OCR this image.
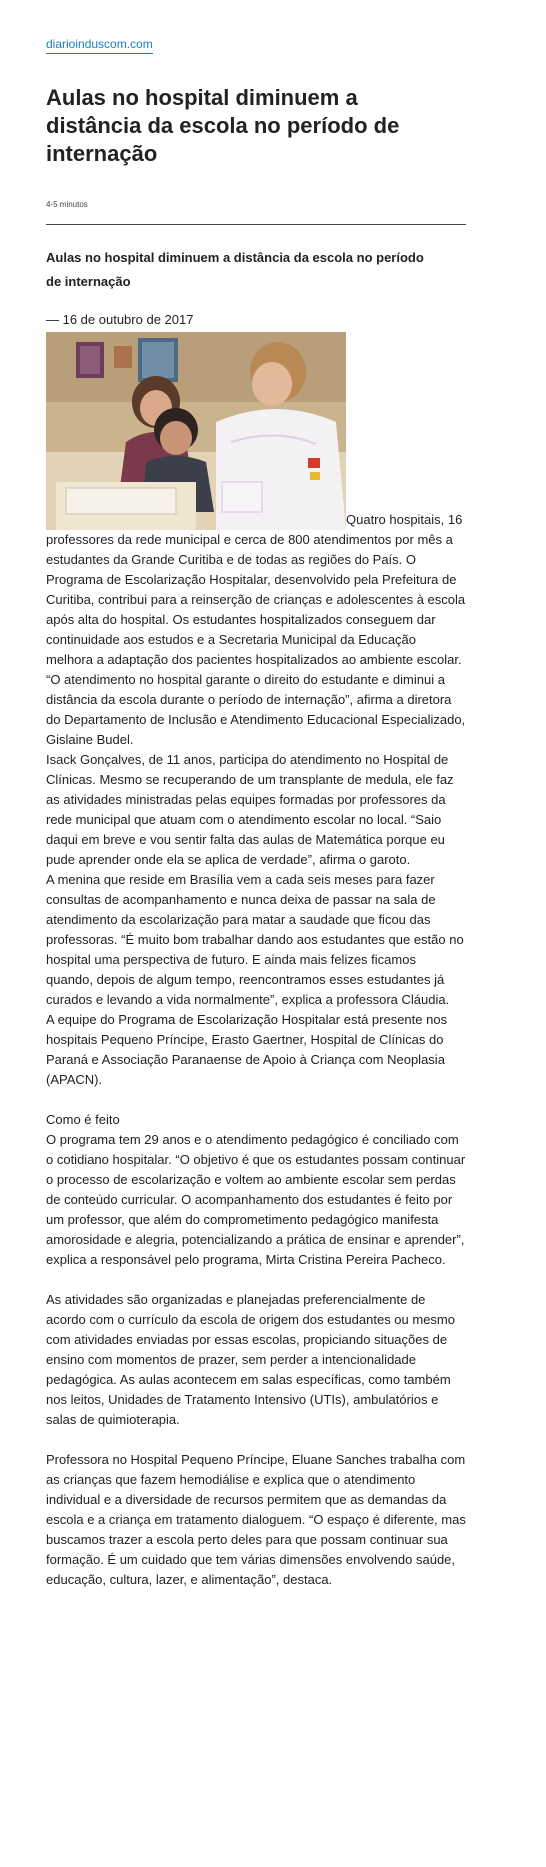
diarioinduscom.com
Aulas no hospital diminuem a distância da escola no período de internação
4-5 minutos
Aulas no hospital diminuem a distância da escola no período de internação
— 16 de outubro de 2017

Quatro hospitais, 16 professores da rede municipal e cerca de 800 atendimentos por mês a estudantes da Grande Curitiba e de todas as regiões do País. O Programa de Escolarização Hospitalar, desenvolvido pela Prefeitura de Curitiba, contribui para a reinserção de crianças e adolescentes à escola após alta do hospital. Os estudantes hospitalizados conseguem dar continuidade aos estudos e a Secretaria Municipal da Educação melhora a adaptação dos pacientes hospitalizados ao ambiente escolar.

“O atendimento no hospital garante o direito do estudante e diminui a distância da escola durante o período de internação”, afirma a diretora do Departamento de Inclusão e Atendimento Educacional Especializado, Gislaine Budel.

Isack Gonçalves, de 11 anos, participa do atendimento no Hospital de Clínicas. Mesmo se recuperando de um transplante de medula, ele faz as atividades ministradas pelas equipes formadas por professores da rede municipal que atuam com o atendimento escolar no local. “Saio daqui em breve e vou sentir falta das aulas de Matemática porque eu pude aprender onde ela se aplica de verdade”, afirma o garoto.

A menina que reside em Brasília vem a cada seis meses para fazer consultas de acompanhamento e nunca deixa de passar na sala de atendimento da escolarização para matar a saudade que ficou das professoras. “É muito bom trabalhar dando aos estudantes que estão no hospital uma perspectiva de futuro. E ainda mais felizes ficamos quando, depois de algum tempo, reencontramos esses estudantes já curados e levando a vida normalmente”, explica a professora Cláudia.

A equipe do Programa de Escolarização Hospitalar está presente nos hospitais Pequeno Príncipe, Erasto Gaertner, Hospital de Clínicas do Paraná e Associação Paranaense de Apoio à Criança com Neoplasia (APACN).

Como é feito

O programa tem 29 anos e o atendimento pedagógico é conciliado com o cotidiano hospitalar. “O objetivo é que os estudantes possam continuar o processo de escolarização e voltem ao ambiente escolar sem perdas de conteúdo curricular. O acompanhamento dos estudantes é feito por um professor, que além do comprometimento pedagógico manifesta amorosidade e alegria, potencializando a prática de ensinar e aprender”, explica a responsável pelo programa, Mirta Cristina Pereira Pacheco.

As atividades são organizadas e planejadas preferencialmente de acordo com o currículo da escola de origem dos estudantes ou mesmo com atividades enviadas por essas escolas, propiciando situações de ensino com momentos de prazer, sem perder a intencionalidade pedagógica. As aulas acontecem em salas específicas, como também nos leitos, Unidades de Tratamento Intensivo (UTIs), ambulatórios e salas de quimioterapia.

Professora no Hospital Pequeno Príncipe, Eluane Sanches trabalha com as crianças que fazem hemodiálise e explica que o atendimento individual e a diversidade de recursos permitem que as demandas da escola e a criança em tratamento dialoguem. “O espaço é diferente, mas buscamos trazer a escola perto deles para que possam continuar sua formação. É um cuidado que tem várias dimensões envolvendo saúde, educação, cultura, lazer, e alimentação”, destaca.
